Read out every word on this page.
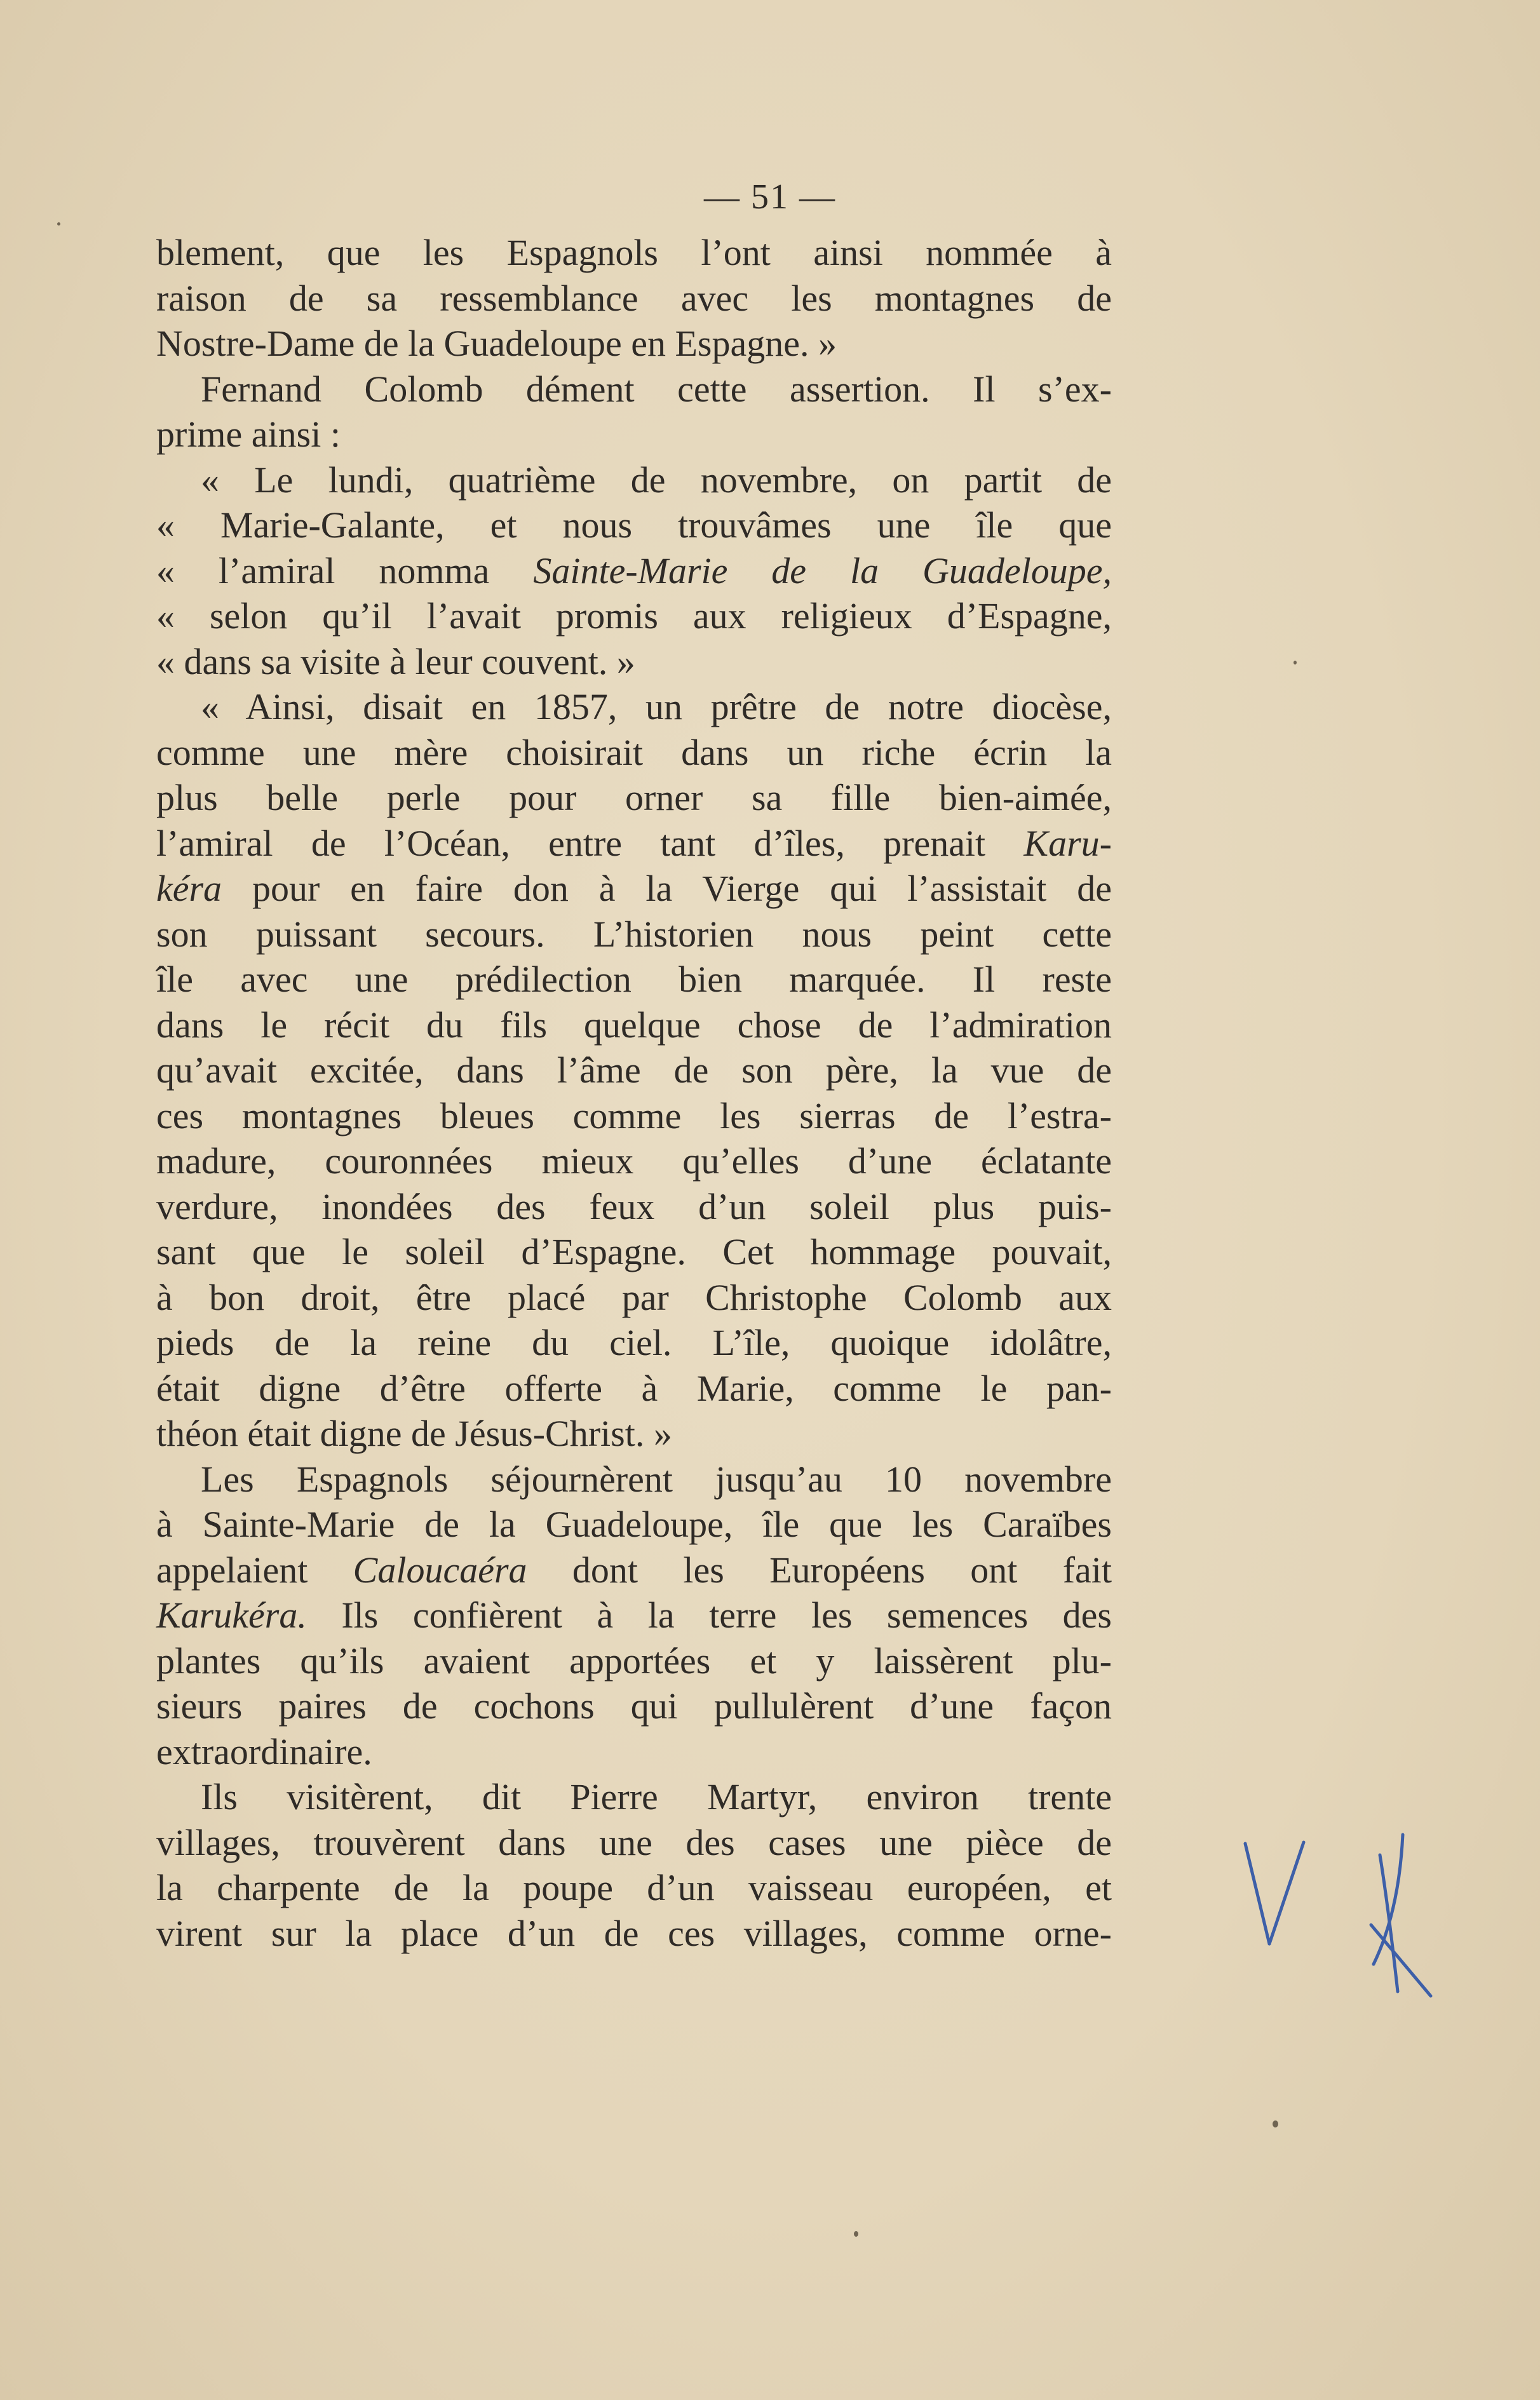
— 51 —
blement, que les Espagnols l’ont ainsi nommée à
raison de sa ressemblance avec les montagnes de
Nostre-Dame de la Guadeloupe en Espagne. »
Fernand Colomb dément cette assertion. Il s’ex-
prime ainsi :
« Le lundi, quatrième de novembre, on partit de
« Marie-Galante, et nous trouvâmes une île que
« l’amiral nomma Sainte-Marie de la Guadeloupe,
« selon qu’il l’avait promis aux religieux d’Espagne,
« dans sa visite à leur couvent. »
« Ainsi, disait en 1857, un prêtre de notre diocèse,
comme une mère choisirait dans un riche écrin la
plus belle perle pour orner sa fille bien-aimée,
l’amiral de l’Océan, entre tant d’îles, prenait Karu-
kéra pour en faire don à la Vierge qui l’assistait de
son puissant secours. L’historien nous peint cette
île avec une prédilection bien marquée. Il reste
dans le récit du fils quelque chose de l’admiration
qu’avait excitée, dans l’âme de son père, la vue de
ces montagnes bleues comme les sierras de l’estra-
madure, couronnées mieux qu’elles d’une éclatante
verdure, inondées des feux d’un soleil plus puis-
sant que le soleil d’Espagne. Cet hommage pouvait,
à bon droit, être placé par Christophe Colomb aux
pieds de la reine du ciel. L’île, quoique idolâtre,
était digne d’être offerte à Marie, comme le pan-
théon était digne de Jésus-Christ. »
Les Espagnols séjournèrent jusqu’au 10 novembre
à Sainte-Marie de la Guadeloupe, île que les Caraïbes
appelaient Caloucaéra dont les Européens ont fait
Karukéra. Ils confièrent à la terre les semences des
plantes qu’ils avaient apportées et y laissèrent plu-
sieurs paires de cochons qui pullulèrent d’une façon
extraordinaire.
Ils visitèrent, dit Pierre Martyr, environ trente
villages, trouvèrent dans une des cases une pièce de
la charpente de la poupe d’un vaisseau européen, et
virent sur la place d’un de ces villages, comme orne-
